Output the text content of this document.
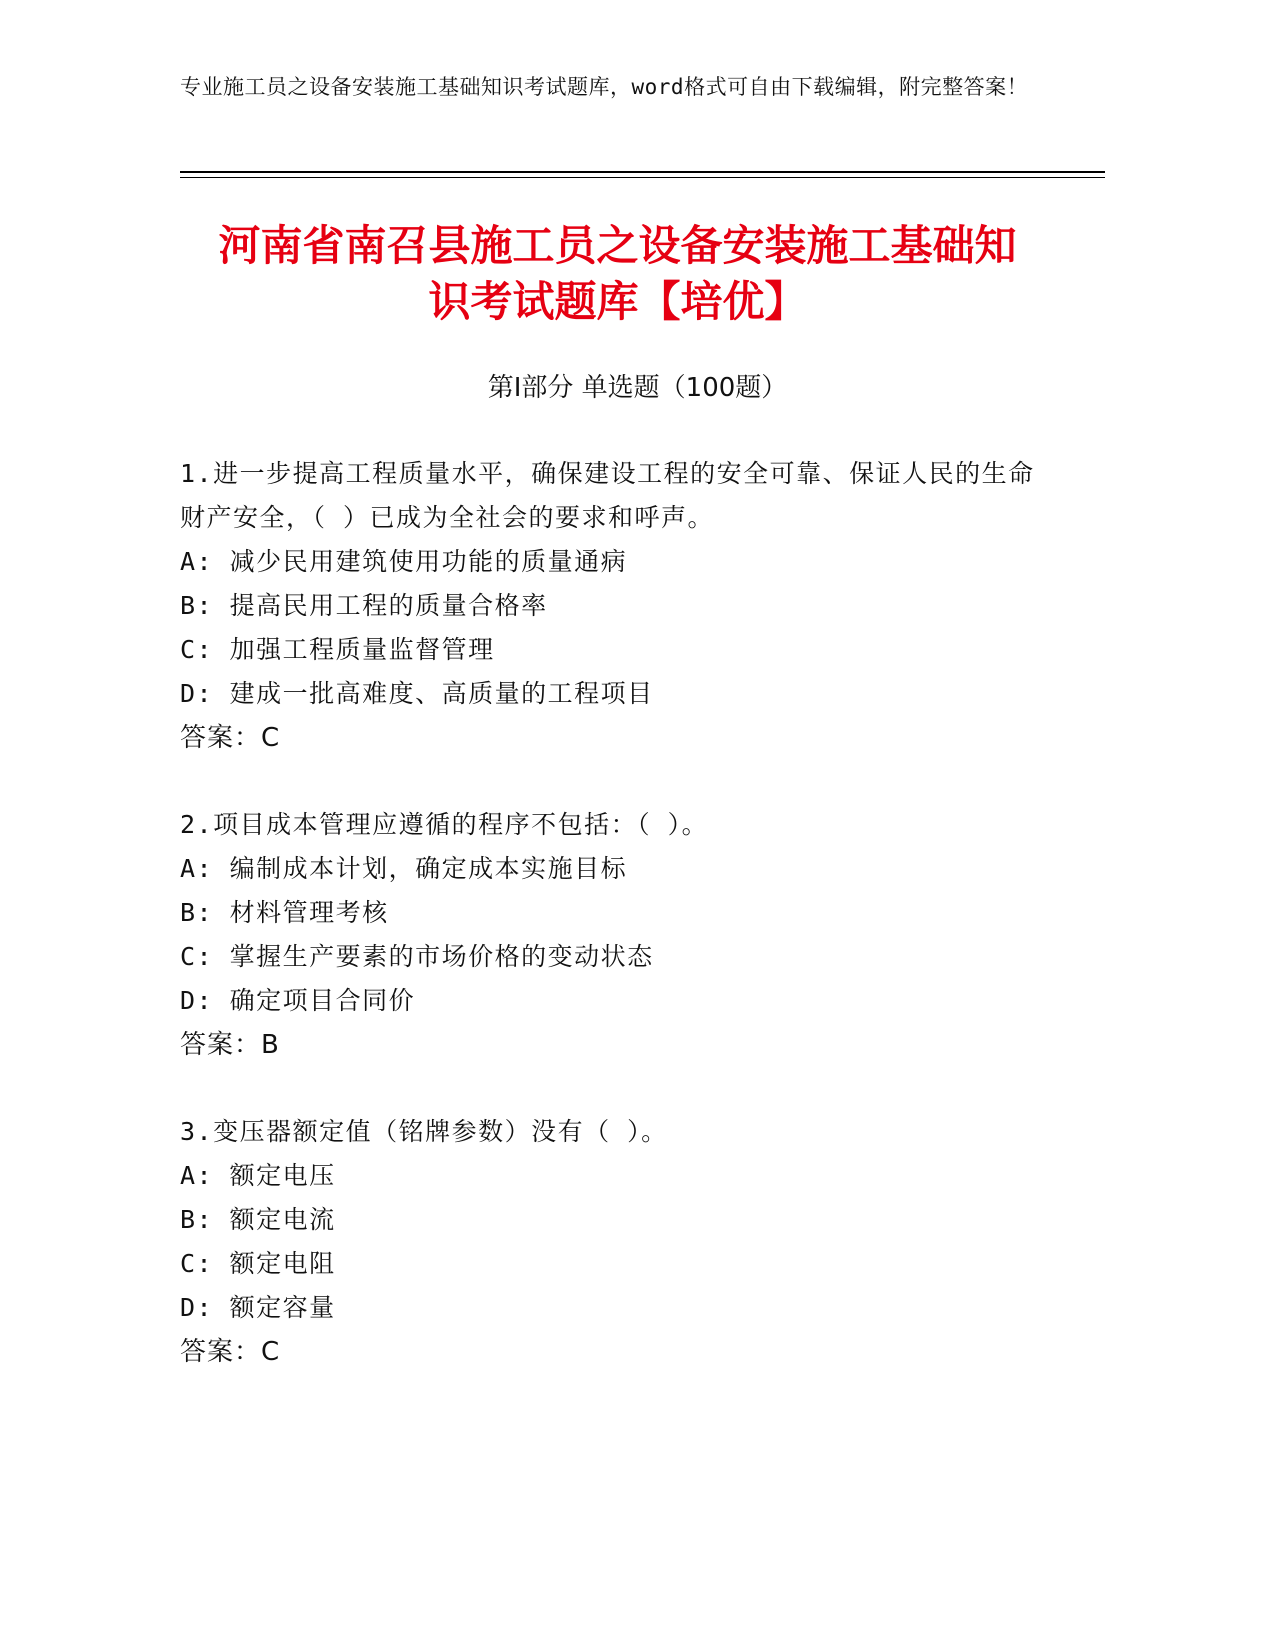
专业施工员之设备安装施工基础知识考试题库，word格式可自由下载编辑，附完整答案！
河南省南召县施工员之设备安装施工基础知
识考试题库【培优】
第Ⅰ部分 单选题（100题）
1.进一步提高工程质量水平，确保建设工程的安全可靠、保证人民的生命财产安全，（ ）已成为全社会的要求和呼声。
A: 减少民用建筑使用功能的质量通病
B: 提高民用工程的质量合格率
C: 加强工程质量监督管理
D: 建成一批高难度、高质量的工程项目
答案：C
2.项目成本管理应遵循的程序不包括：（ ）。
A: 编制成本计划，确定成本实施目标
B: 材料管理考核
C: 掌握生产要素的市场价格的变动状态
D: 确定项目合同价
答案：B
3.变压器额定值（铭牌参数）没有（ ）。
A: 额定电压
B: 额定电流
C: 额定电阻
D: 额定容量
答案：C
